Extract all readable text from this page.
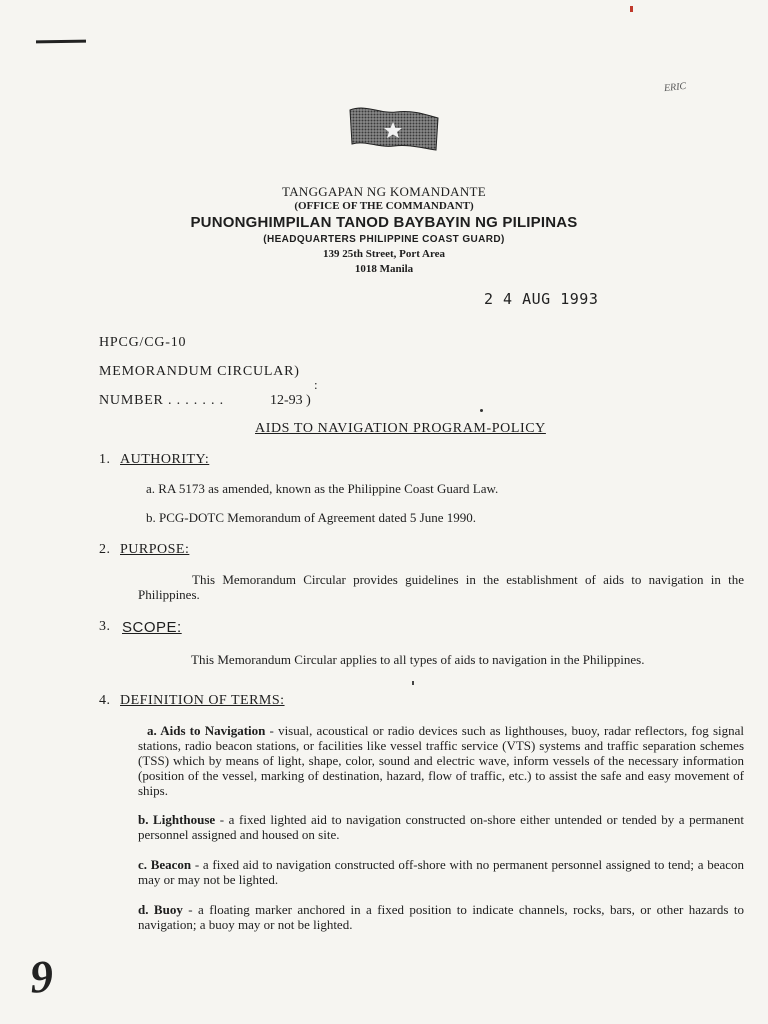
ERIC
TANGGAPAN NG KOMANDANTE
(OFFICE OF THE COMMANDANT)
PUNONGHIMPILAN TANOD BAYBAYIN NG PILIPINAS
(HEADQUARTERS PHILIPPINE COAST GUARD)
139 25th Street, Port Area
1018 Manila
2 4 AUG 1993
HPCG/CG-10
MEMORANDUM CIRCULAR)
:
NUMBER . . . . . . .	12-93 )
AIDS TO NAVIGATION PROGRAM-POLICY
1. AUTHORITY:
a. RA 5173 as amended, known as the Philippine Coast Guard Law.
b. PCG-DOTC Memorandum of Agreement dated 5 June 1990.
2. PURPOSE:
This Memorandum Circular provides guidelines in the establishment of aids to navigation in the Philippines.
3. SCOPE:
This Memorandum Circular applies to all types of aids to navigation in the Philippines.
4. DEFINITION OF TERMS:
a. Aids to Navigation - visual, acoustical or radio devices such as lighthouses, buoy, radar reflectors, fog signal stations, radio beacon stations, or facilities like vessel traffic service (VTS) systems and traffic separation schemes (TSS) which by means of light, shape, color, sound and electric wave, inform vessels of the necessary information (position of the vessel, marking of destination, hazard, flow of traffic, etc.) to assist the safe and easy movement of ships.
b. Lighthouse - a fixed lighted aid to navigation constructed on-shore either untended or tended by a permanent personnel assigned and housed on site.
c. Beacon - a fixed aid to navigation constructed off-shore with no permanent personnel assigned to tend; a beacon may or may not be lighted.
d. Buoy - a floating marker anchored in a fixed position to indicate channels, rocks, bars, or other hazards to navigation; a buoy may or not be lighted.
9
